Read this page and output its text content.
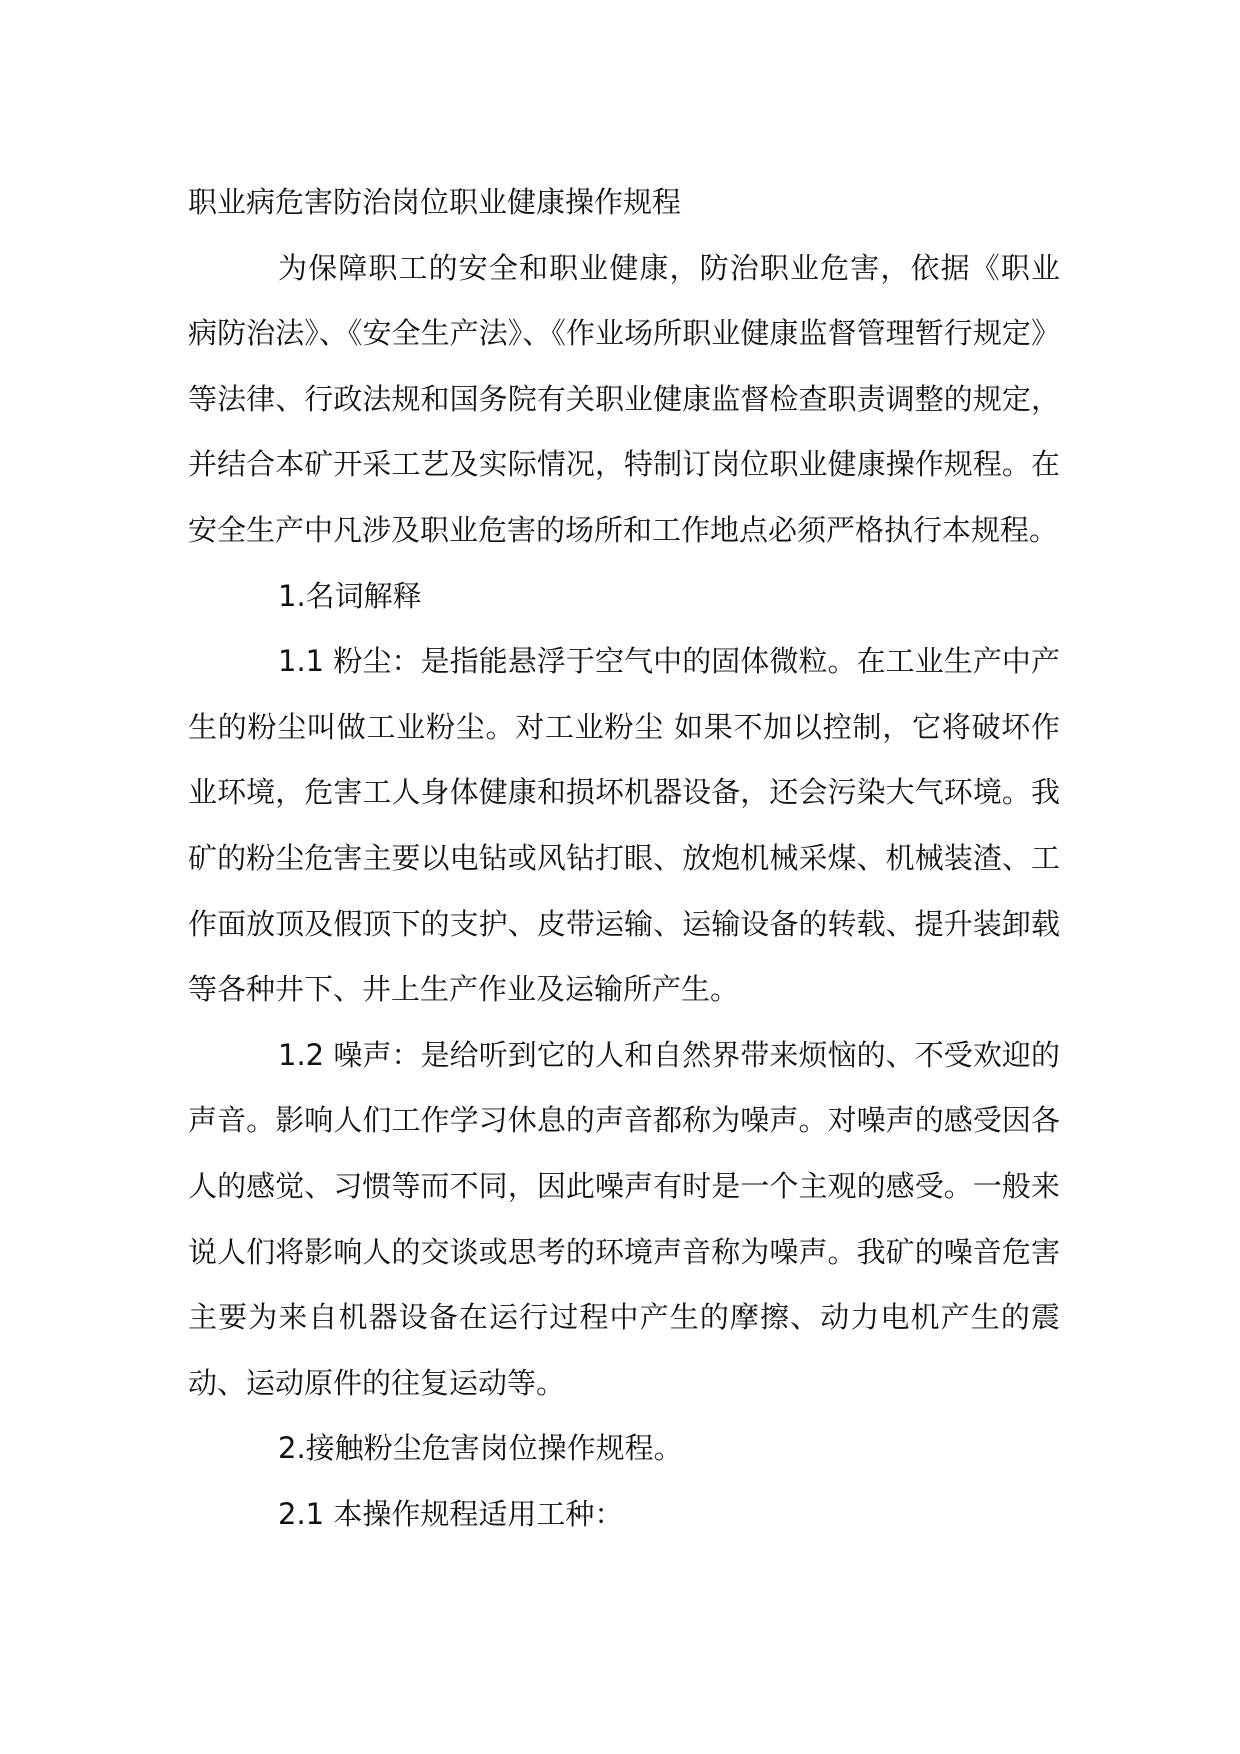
职业病危害防治岗位职业健康操作规程

为保障职工的安全和职业健康，防治职业危害，依据《职业病防治法》、《安全生产法》、《作业场所职业健康监督管理暂行规定》等法律、行政法规和国务院有关职业健康监督检查职责调整的规定，并结合本矿开采工艺及实际情况，特制订岗位职业健康操作规程。在安全生产中凡涉及职业危害的场所和工作地点必须严格执行本规程。

1.名词解释

1.1 粉尘：是指能悬浮于空气中的固体微粒。在工业生产中产生的粉尘叫做工业粉尘。对工业粉尘 如果不加以控制，它将破坏作业环境，危害工人身体健康和损坏机器设备，还会污染大气环境。我矿的粉尘危害主要以电钻或风钻打眼、放炮机械采煤、机械装渣、工作面放顶及假顶下的支护、皮带运输、运输设备的转载、提升装卸载等各种井下、井上生产作业及运输所产生。

1.2 噪声：是给听到它的人和自然界带来烦恼的、不受欢迎的声音。影响人们工作学习休息的声音都称为噪声。对噪声的感受因各人的感觉、习惯等而不同，因此噪声有时是一个主观的感受。一般来说人们将影响人的交谈或思考的环境声音称为噪声。我矿的噪音危害主要为来自机器设备在运行过程中产生的摩擦、动力电机产生的震动、运动原件的往复运动等。

2.接触粉尘危害岗位操作规程。

2.1 本操作规程适用工种：
